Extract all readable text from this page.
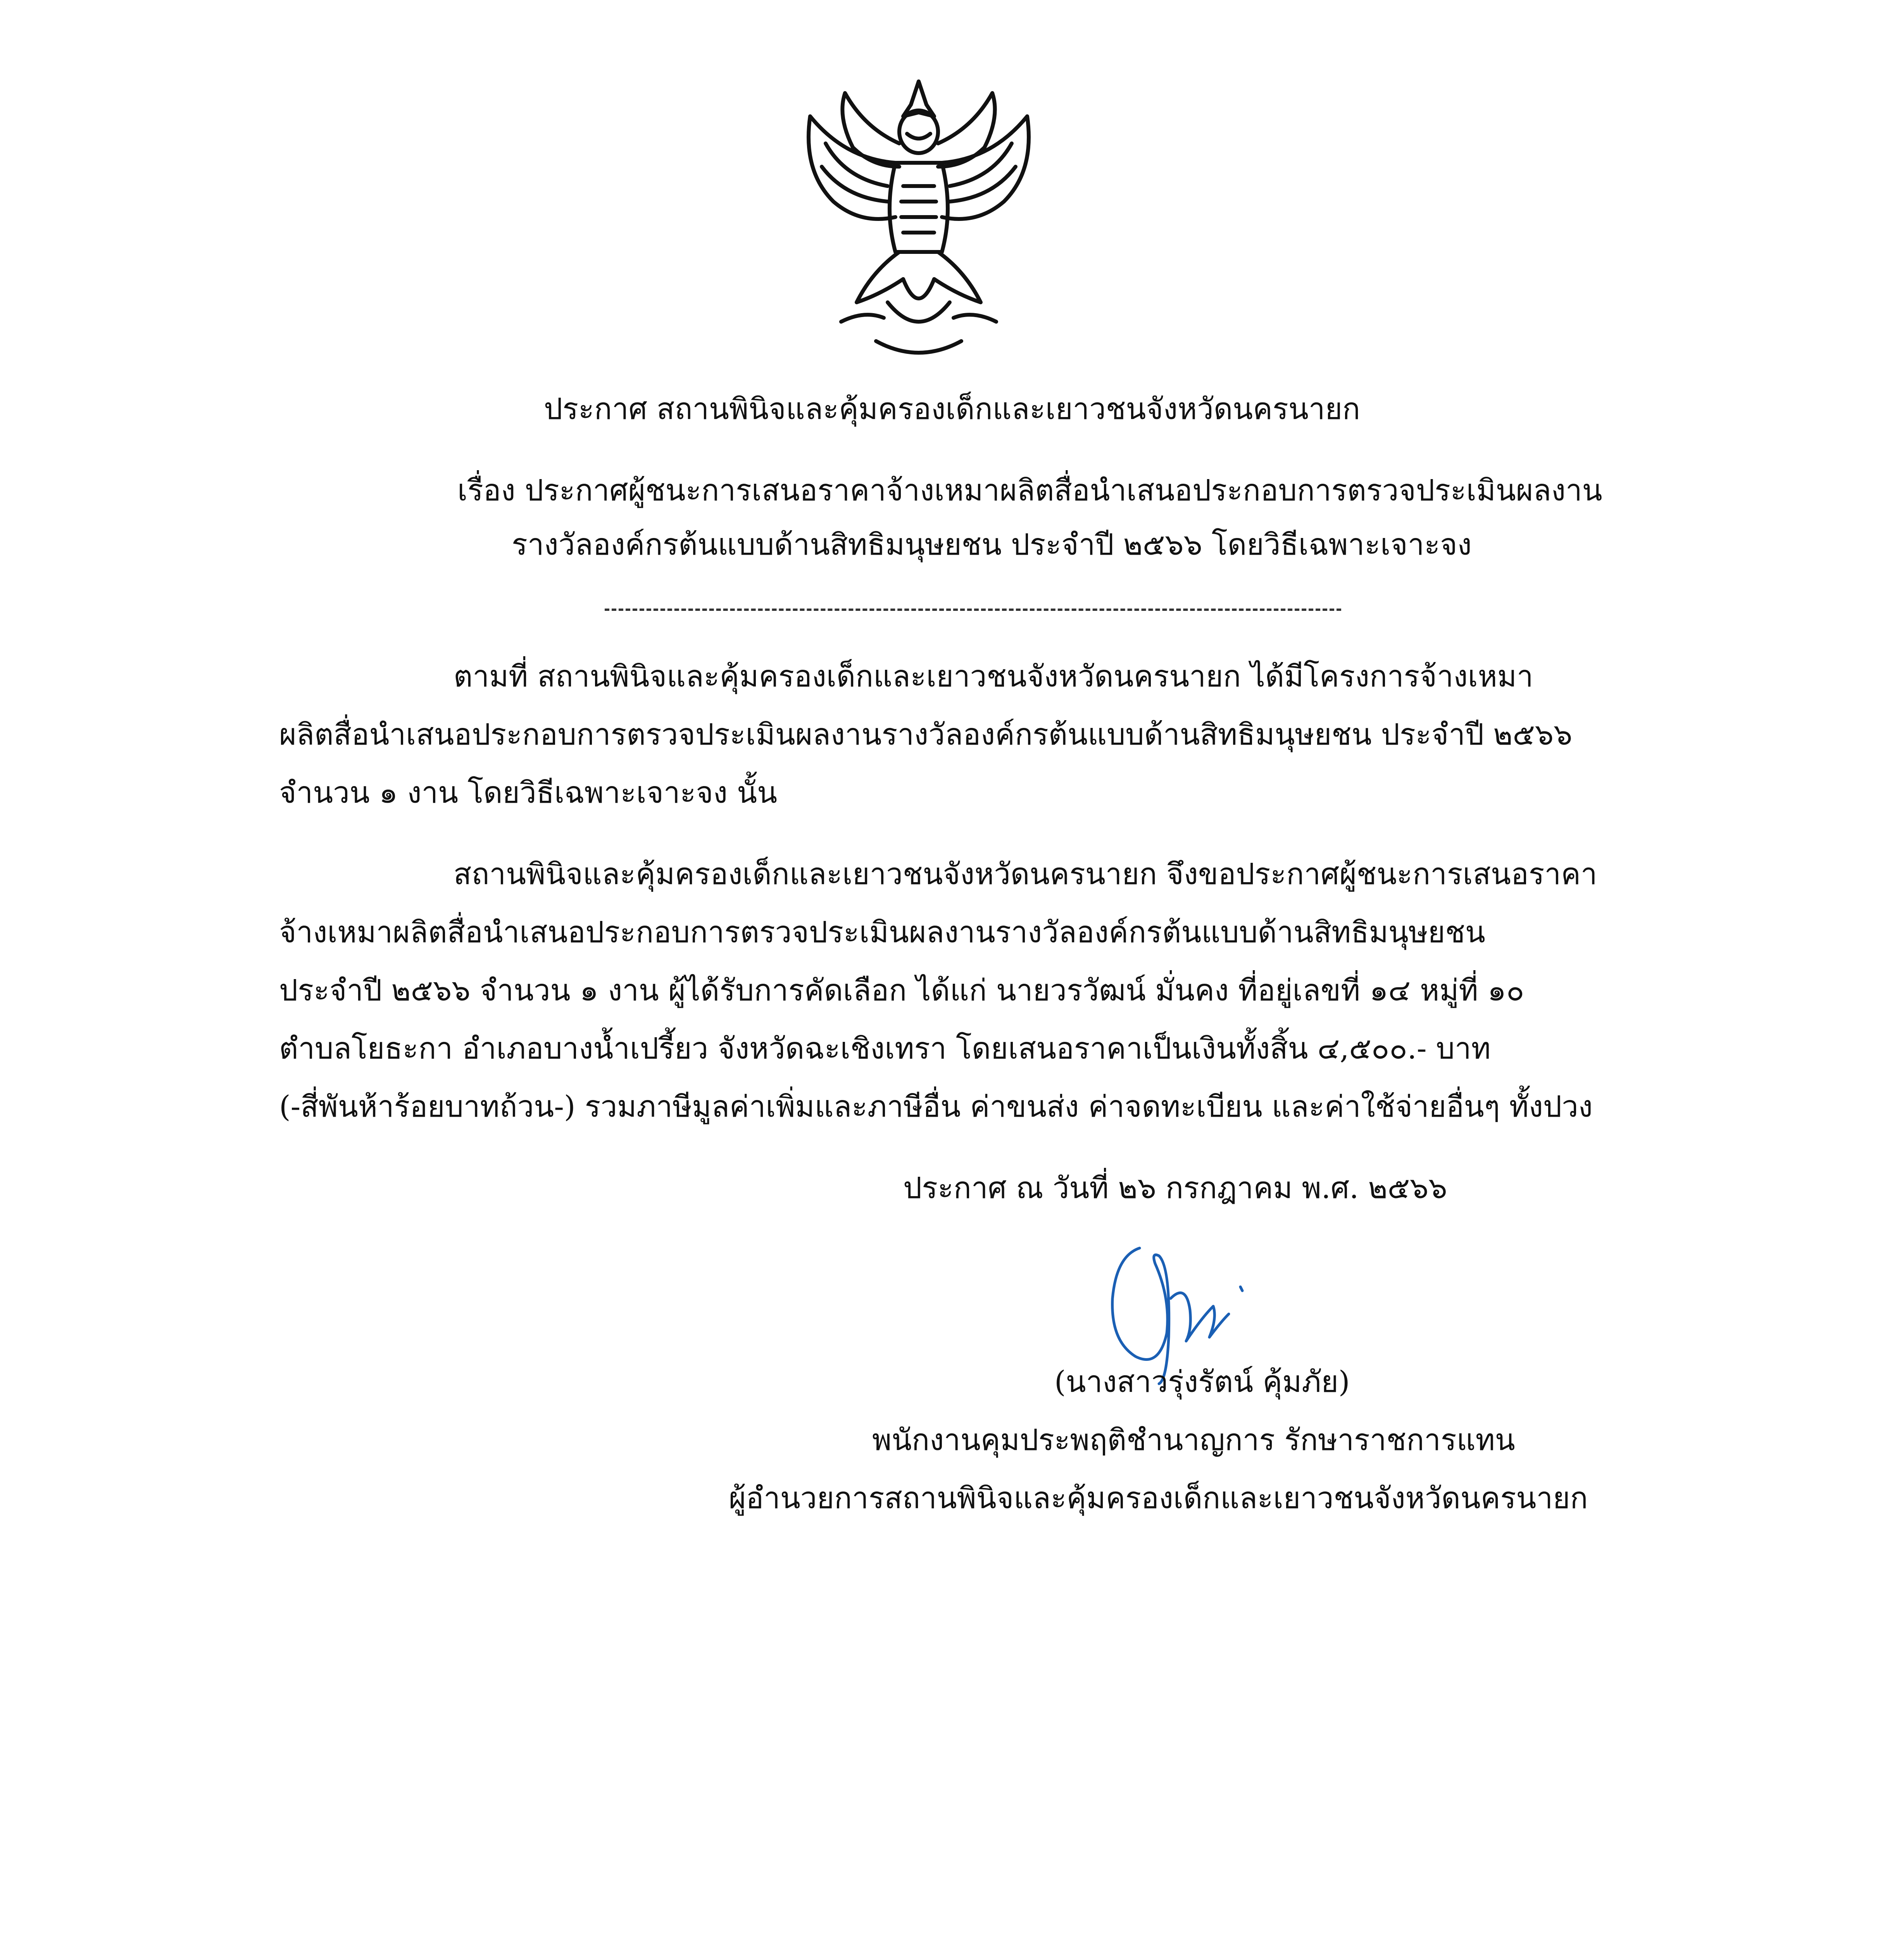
ประกาศ สถานพินิจและคุ้มครองเด็กและเยาวชนจังหวัดนครนายก
เรื่อง ประกาศผู้ชนะการเสนอราคาจ้างเหมาผลิตสื่อนำเสนอประกอบการตรวจประเมินผลงาน
รางวัลองค์กรต้นแบบด้านสิทธิมนุษยชน ประจำปี ๒๕๖๖ โดยวิธีเฉพาะเจาะจง
ตามที่ สถานพินิจและคุ้มครองเด็กและเยาวชนจังหวัดนครนายก ได้มีโครงการจ้างเหมา
ผลิตสื่อนำเสนอประกอบการตรวจประเมินผลงานรางวัลองค์กรต้นแบบด้านสิทธิมนุษยชน ประจำปี ๒๕๖๖
จำนวน ๑ งาน โดยวิธีเฉพาะเจาะจง นั้น
สถานพินิจและคุ้มครองเด็กและเยาวชนจังหวัดนครนายก จึงขอประกาศผู้ชนะการเสนอราคา
จ้างเหมาผลิตสื่อนำเสนอประกอบการตรวจประเมินผลงานรางวัลองค์กรต้นแบบด้านสิทธิมนุษยชน
ประจำปี ๒๕๖๖ จำนวน ๑ งาน ผู้ได้รับการคัดเลือก ได้แก่ นายวรวัฒน์ มั่นคง ที่อยู่เลขที่ ๑๔ หมู่ที่ ๑๐
ตำบลโยธะกา อำเภอบางน้ำเปรี้ยว จังหวัดฉะเชิงเทรา โดยเสนอราคาเป็นเงินทั้งสิ้น ๔,๕๐๐.- บาท
(-สี่พันห้าร้อยบาทถ้วน-) รวมภาษีมูลค่าเพิ่มและภาษีอื่น ค่าขนส่ง ค่าจดทะเบียน และค่าใช้จ่ายอื่นๆ ทั้งปวง
ประกาศ ณ วันที่ ๒๖ กรกฎาคม พ.ศ. ๒๕๖๖
(นางสาวรุ่งรัตน์ คุ้มภัย)
พนักงานคุมประพฤติชำนาญการ รักษาราชการแทน
ผู้อำนวยการสถานพินิจและคุ้มครองเด็กและเยาวชนจังหวัดนครนายก
